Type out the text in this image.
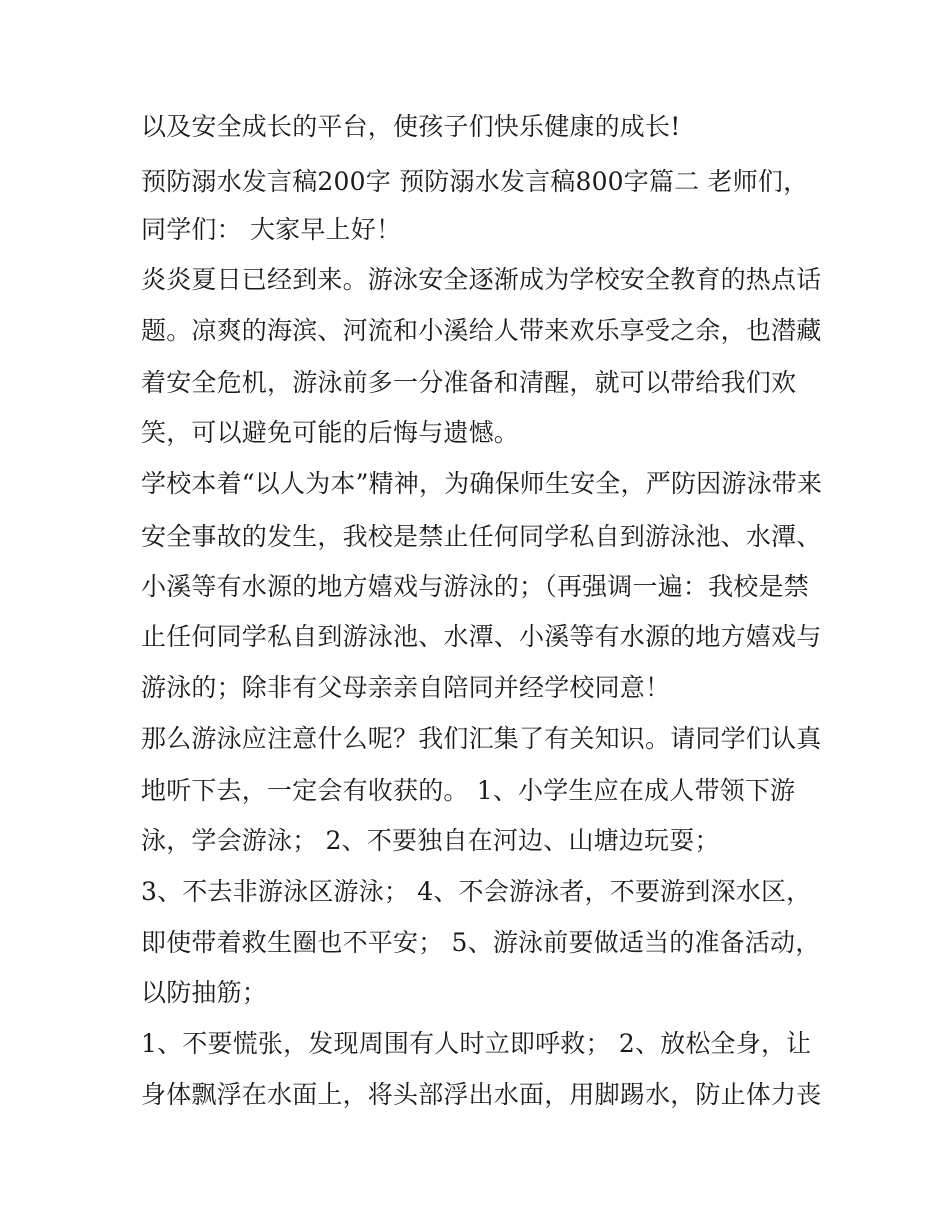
以及安全成长的平台，使孩子们快乐健康的成长!
预防溺水发言稿200字 预防溺水发言稿800字篇二 老师们，
同学们： 大家早上好！
炎炎夏日已经到来。游泳安全逐渐成为学校安全教育的热点话
题。凉爽的海滨、河流和小溪给人带来欢乐享受之余，也潜藏
着安全危机，游泳前多一分准备和清醒，就可以带给我们欢
笑，可以避免可能的后悔与遗憾。
学校本着“以人为本”精神，为确保师生安全，严防因游泳带来
安全事故的发生，我校是禁止任何同学私自到游泳池、水潭、
小溪等有水源的地方嬉戏与游泳的；（再强调一遍：我校是禁
止任何同学私自到游泳池、水潭、小溪等有水源的地方嬉戏与
游泳的；除非有父母亲亲自陪同并经学校同意！
那么游泳应注意什么呢？我们汇集了有关知识。请同学们认真
地听下去，一定会有收获的。 1、小学生应在成人带领下游
泳，学会游泳； 2、不要独自在河边、山塘边玩耍；
3、不去非游泳区游泳； 4、不会游泳者，不要游到深水区，
即使带着救生圈也不平安； 5、游泳前要做适当的准备活动，
以防抽筋；
1、不要慌张，发现周围有人时立即呼救； 2、放松全身，让
身体飘浮在水面上，将头部浮出水面，用脚踢水，防止体力丧
